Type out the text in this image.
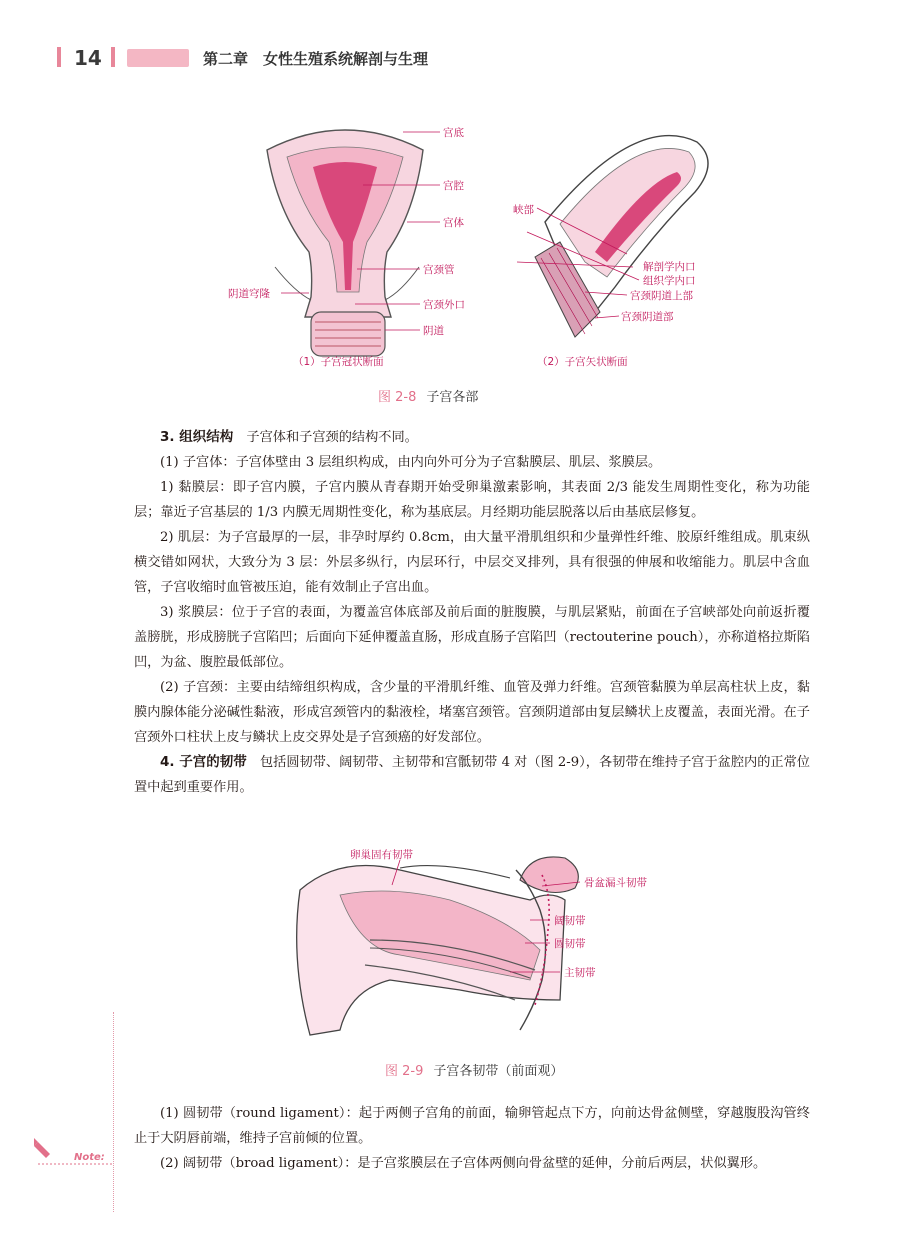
14	第二章　女性生殖系统解剖与生理
宫底
宫腔
宫体
宫颈管
阴道穹隆
宫颈外口
阴道
（1）子宫冠状断面
峡部
解剖学内口
组织学内口
宫颈阴道上部
宫颈阴道部
（2）子宫矢状断面
图 2-8 子宫各部

3. 组织结构　子宫体和子宫颈的结构不同。

(1) 子宫体：子宫体壁由 3 层组织构成，由内向外可分为子宫黏膜层、肌层、浆膜层。

1) 黏膜层：即子宫内膜，子宫内膜从青春期开始受卵巢激素影响，其表面 2/3 能发生周期性变化，称为功能层；靠近子宫基层的 1/3 内膜无周期性变化，称为基底层。月经期功能层脱落以后由基底层修复。

2) 肌层：为子宫最厚的一层，非孕时厚约 0.8cm，由大量平滑肌组织和少量弹性纤维、胶原纤维组成。肌束纵横交错如网状，大致分为 3 层：外层多纵行，内层环行，中层交叉排列，具有很强的伸展和收缩能力。肌层中含血管，子宫收缩时血管被压迫，能有效制止子宫出血。

3) 浆膜层：位于子宫的表面，为覆盖宫体底部及前后面的脏腹膜，与肌层紧贴，前面在子宫峡部处向前返折覆盖膀胱，形成膀胱子宫陷凹；后面向下延伸覆盖直肠，形成直肠子宫陷凹（rectouterine pouch），亦称道格拉斯陷凹，为盆、腹腔最低部位。

(2) 子宫颈：主要由结缔组织构成，含少量的平滑肌纤维、血管及弹力纤维。宫颈管黏膜为单层高柱状上皮，黏膜内腺体能分泌碱性黏液，形成宫颈管内的黏液栓，堵塞宫颈管。宫颈阴道部由复层鳞状上皮覆盖，表面光滑。在子宫颈外口柱状上皮与鳞状上皮交界处是子宫颈癌的好发部位。

4. 子宫的韧带　包括圆韧带、阔韧带、主韧带和宫骶韧带 4 对（图 2-9），各韧带在维持子宫于盆腔内的正常位置中起到重要作用。

卵巢固有韧带
骨盆漏斗韧带
阔韧带
圆韧带
主韧带
图 2-9 子宫各韧带（前面观）

(1) 圆韧带（round ligament）：起于两侧子宫角的前面，输卵管起点下方，向前达骨盆侧壁，穿越腹股沟管终止于大阴唇前端，维持子宫前倾的位置。

(2) 阔韧带（broad ligament）：是子宫浆膜层在子宫体两侧向骨盆壁的延伸，分前后两层，状似翼形。

Note:
